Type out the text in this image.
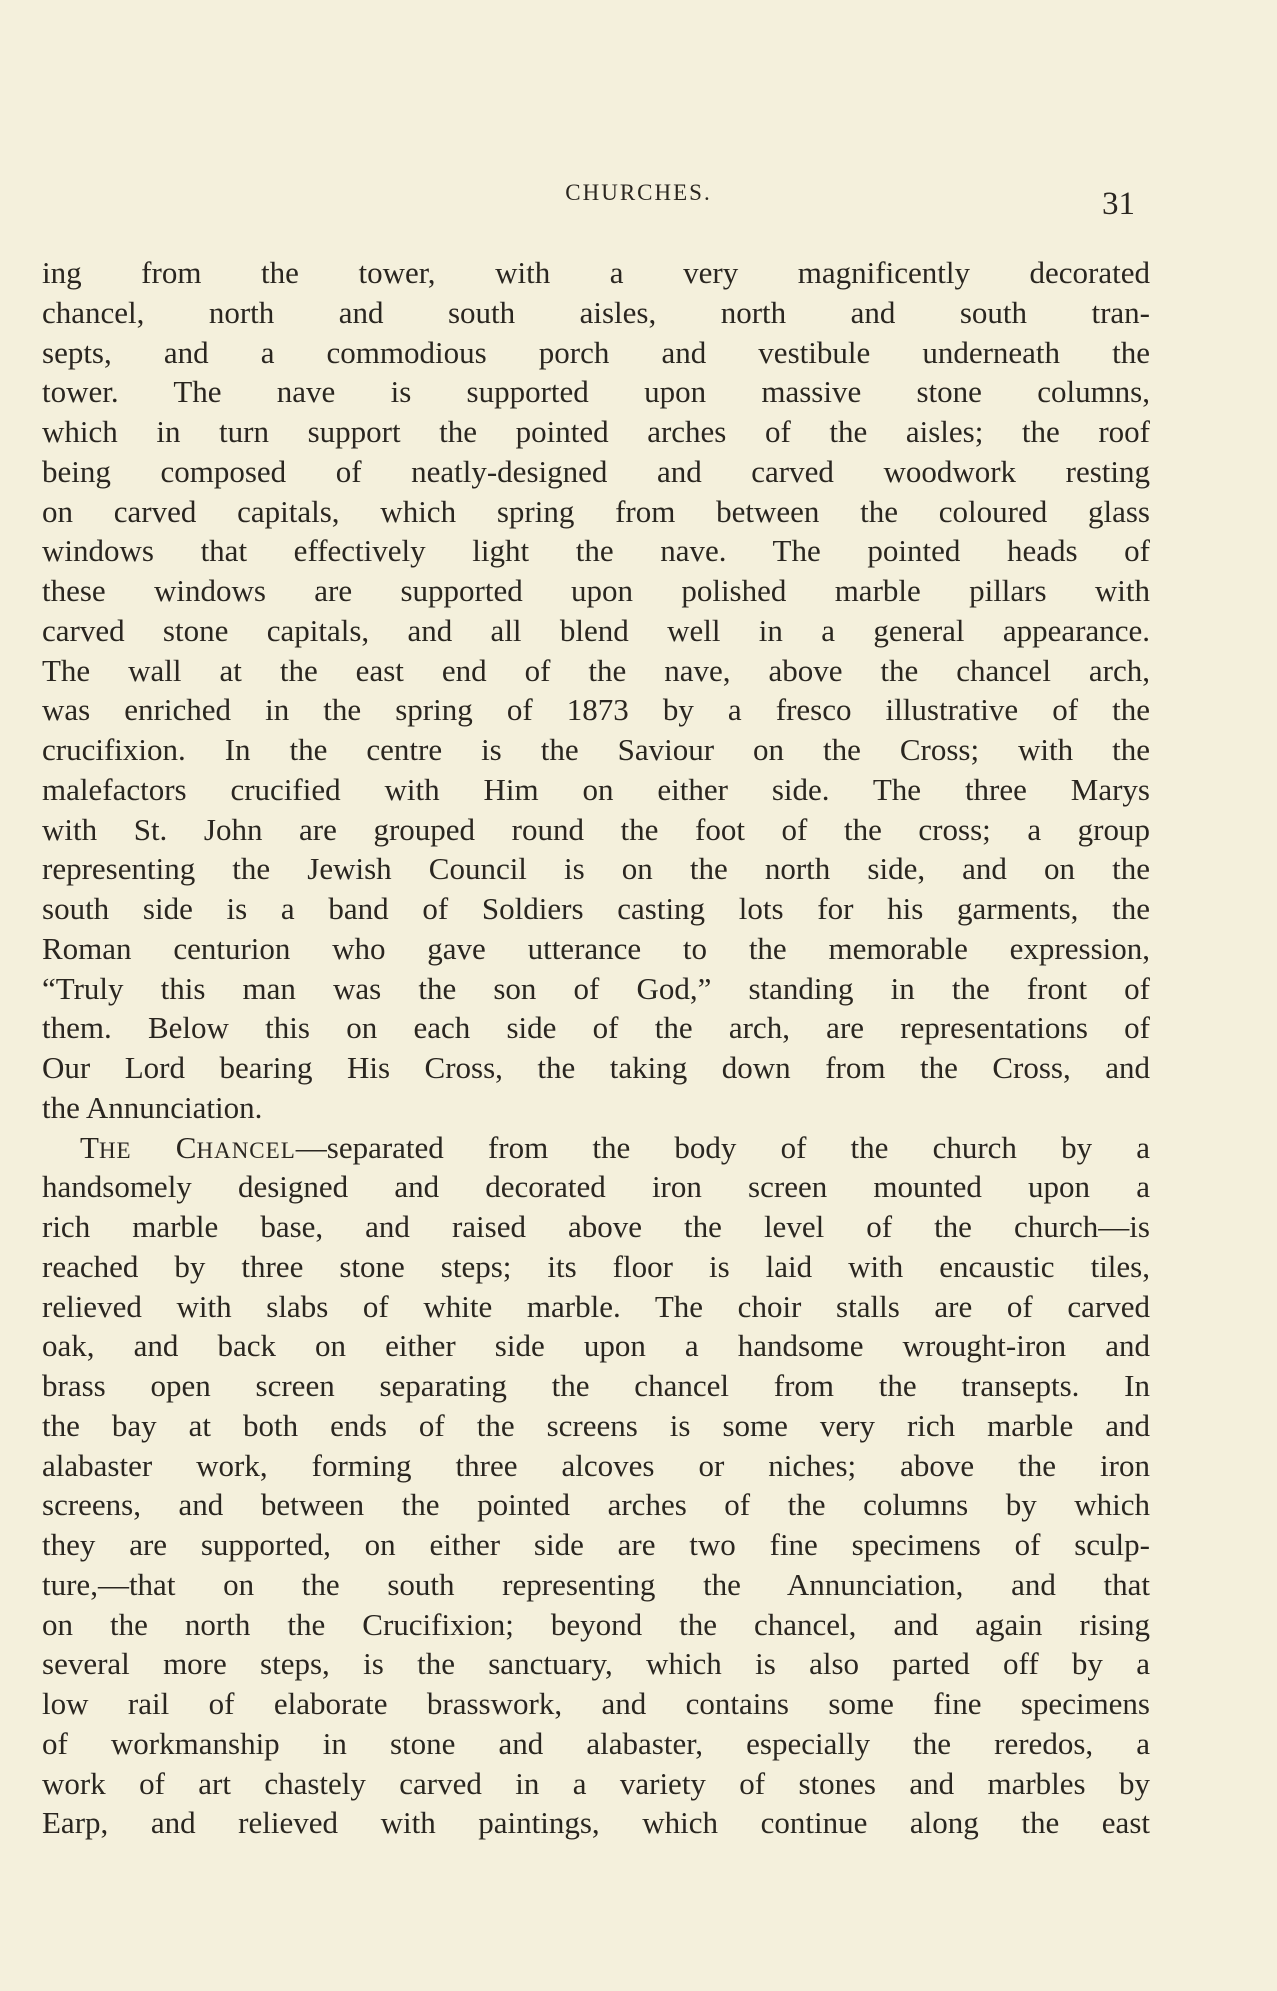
CHURCHES.	31
ing from the tower, with a very magnificently decorated
chancel, north and south aisles, north and south tran-
septs, and a commodious porch and vestibule underneath the
tower. The nave is supported upon massive stone columns,
which in turn support the pointed arches of the aisles; the roof
being composed of neatly-designed and carved woodwork resting
on carved capitals, which spring from between the coloured glass
windows that effectively light the nave. The pointed heads of
these windows are supported upon polished marble pillars with
carved stone capitals, and all blend well in a general appearance.
The wall at the east end of the nave, above the chancel arch,
was enriched in the spring of 1873 by a fresco illustrative of the
crucifixion. In the centre is the Saviour on the Cross; with the
malefactors crucified with Him on either side. The three Marys
with St. John are grouped round the foot of the cross; a group
representing the Jewish Council is on the north side, and on the
south side is a band of Soldiers casting lots for his garments, the
Roman centurion who gave utterance to the memorable expression,
“Truly this man was the son of God,” standing in the front of
them. Below this on each side of the arch, are representations of
Our Lord bearing His Cross, the taking down from the Cross, and
the Annunciation.
THE CHANCEL—separated from the body of the church by a
handsomely designed and decorated iron screen mounted upon a
rich marble base, and raised above the level of the church—is
reached by three stone steps; its floor is laid with encaustic tiles,
relieved with slabs of white marble. The choir stalls are of carved
oak, and back on either side upon a handsome wrought-iron and
brass open screen separating the chancel from the transepts. In
the bay at both ends of the screens is some very rich marble and
alabaster work, forming three alcoves or niches; above the iron
screens, and between the pointed arches of the columns by which
they are supported, on either side are two fine specimens of sculp-
ture,—that on the south representing the Annunciation, and that
on the north the Crucifixion; beyond the chancel, and again rising
several more steps, is the sanctuary, which is also parted off by a
low rail of elaborate brasswork, and contains some fine specimens
of workmanship in stone and alabaster, especially the reredos, a
work of art chastely carved in a variety of stones and marbles by
Earp, and relieved with paintings, which continue along the east
